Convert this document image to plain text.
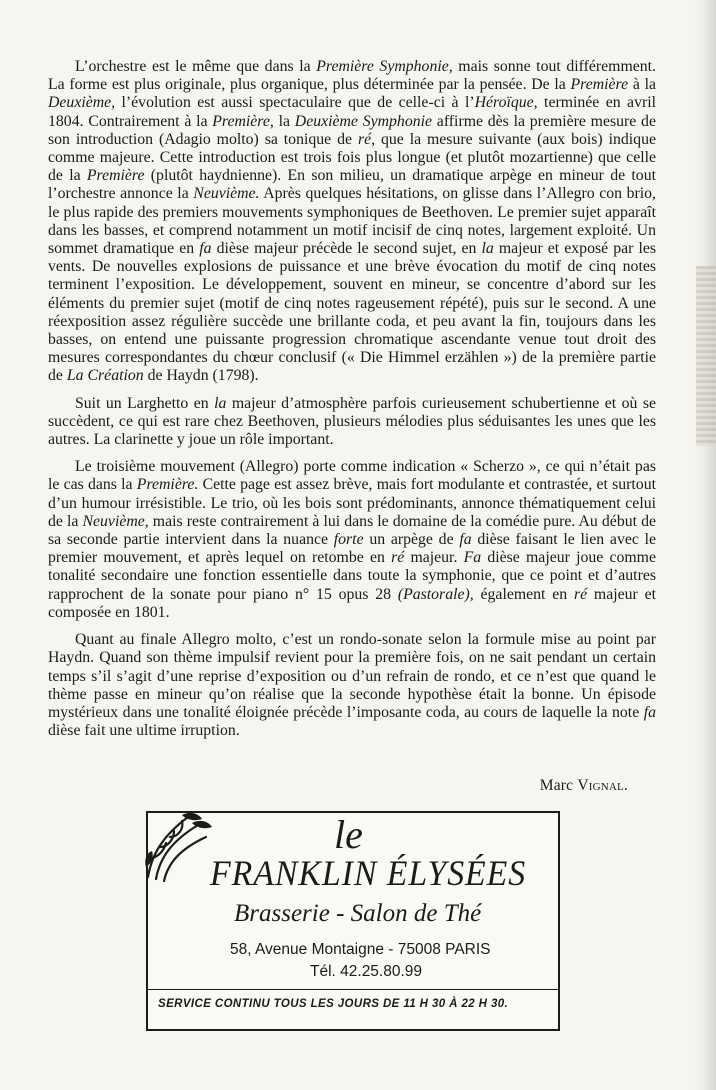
L’orchestre est le même que dans la Première Symphonie, mais sonne tout différemment. La forme est plus originale, plus organique, plus déterminée par la pensée. De la Première à la Deuxième, l’évolution est aussi spectaculaire que de celle-ci à l’Héroïque, terminée en avril 1804. Contrairement à la Première, la Deuxième Symphonie affirme dès la première mesure de son introduction (Adagio molto) sa tonique de ré, que la mesure suivante (aux bois) indique comme majeure. Cette introduction est trois fois plus longue (et plutôt mozartienne) que celle de la Première (plutôt haydnienne). En son milieu, un dramatique arpège en mineur de tout l’orchestre annonce la Neuvième. Après quelques hésitations, on glisse dans l’Allegro con brio, le plus rapide des premiers mouvements symphoniques de Beethoven. Le premier sujet apparaît dans les basses, et comprend notamment un motif incisif de cinq notes, largement exploité. Un sommet dramatique en fa dièse majeur précède le second sujet, en la majeur et exposé par les vents. De nouvelles explosions de puissance et une brève évocation du motif de cinq notes terminent l’exposition. Le développement, souvent en mineur, se concentre d’abord sur les éléments du premier sujet (motif de cinq notes rageusement répété), puis sur le second. A une réexposition assez régulière succède une brillante coda, et peu avant la fin, toujours dans les basses, on entend une puissante progression chromatique ascendante venue tout droit des mesures correspondantes du chœur conclusif (« Die Himmel erzählen ») de la première partie de La Création de Haydn (1798).

Suit un Larghetto en la majeur d’atmosphère parfois curieusement schubertienne et où se succèdent, ce qui est rare chez Beethoven, plusieurs mélodies plus séduisantes les unes que les autres. La clarinette y joue un rôle important.

Le troisième mouvement (Allegro) porte comme indication « Scherzo », ce qui n’était pas le cas dans la Première. Cette page est assez brève, mais fort modulante et contrastée, et surtout d’un humour irrésistible. Le trio, où les bois sont prédominants, annonce thématiquement celui de la Neuvième, mais reste contrairement à lui dans le domaine de la comédie pure. Au début de sa seconde partie intervient dans la nuance forte un arpège de fa dièse faisant le lien avec le premier mouvement, et après lequel on retombe en ré majeur. Fa dièse majeur joue comme tonalité secondaire une fonction essentielle dans toute la symphonie, que ce point et d’autres rapprochent de la sonate pour piano n° 15 opus 28 (Pastorale), également en ré majeur et composée en 1801.

Quant au finale Allegro molto, c’est un rondo-sonate selon la formule mise au point par Haydn. Quand son thème impulsif revient pour la première fois, on ne sait pendant un certain temps s’il s’agit d’une reprise d’exposition ou d’un refrain de rondo, et ce n’est que quand le thème passe en mineur qu’on réalise que la seconde hypothèse était la bonne. Un épisode mystérieux dans une tonalité éloignée précède l’imposante coda, au cours de laquelle la note fa dièse fait une ultime irruption.

Marc Vignal.
le
FRANKLIN ÉLYSÉES
Brasserie - Salon de Thé
58, Avenue Montaigne - 75008 PARIS
Tél. 42.25.80.99
SERVICE CONTINU TOUS LES JOURS DE 11 H 30 À 22 H 30.
